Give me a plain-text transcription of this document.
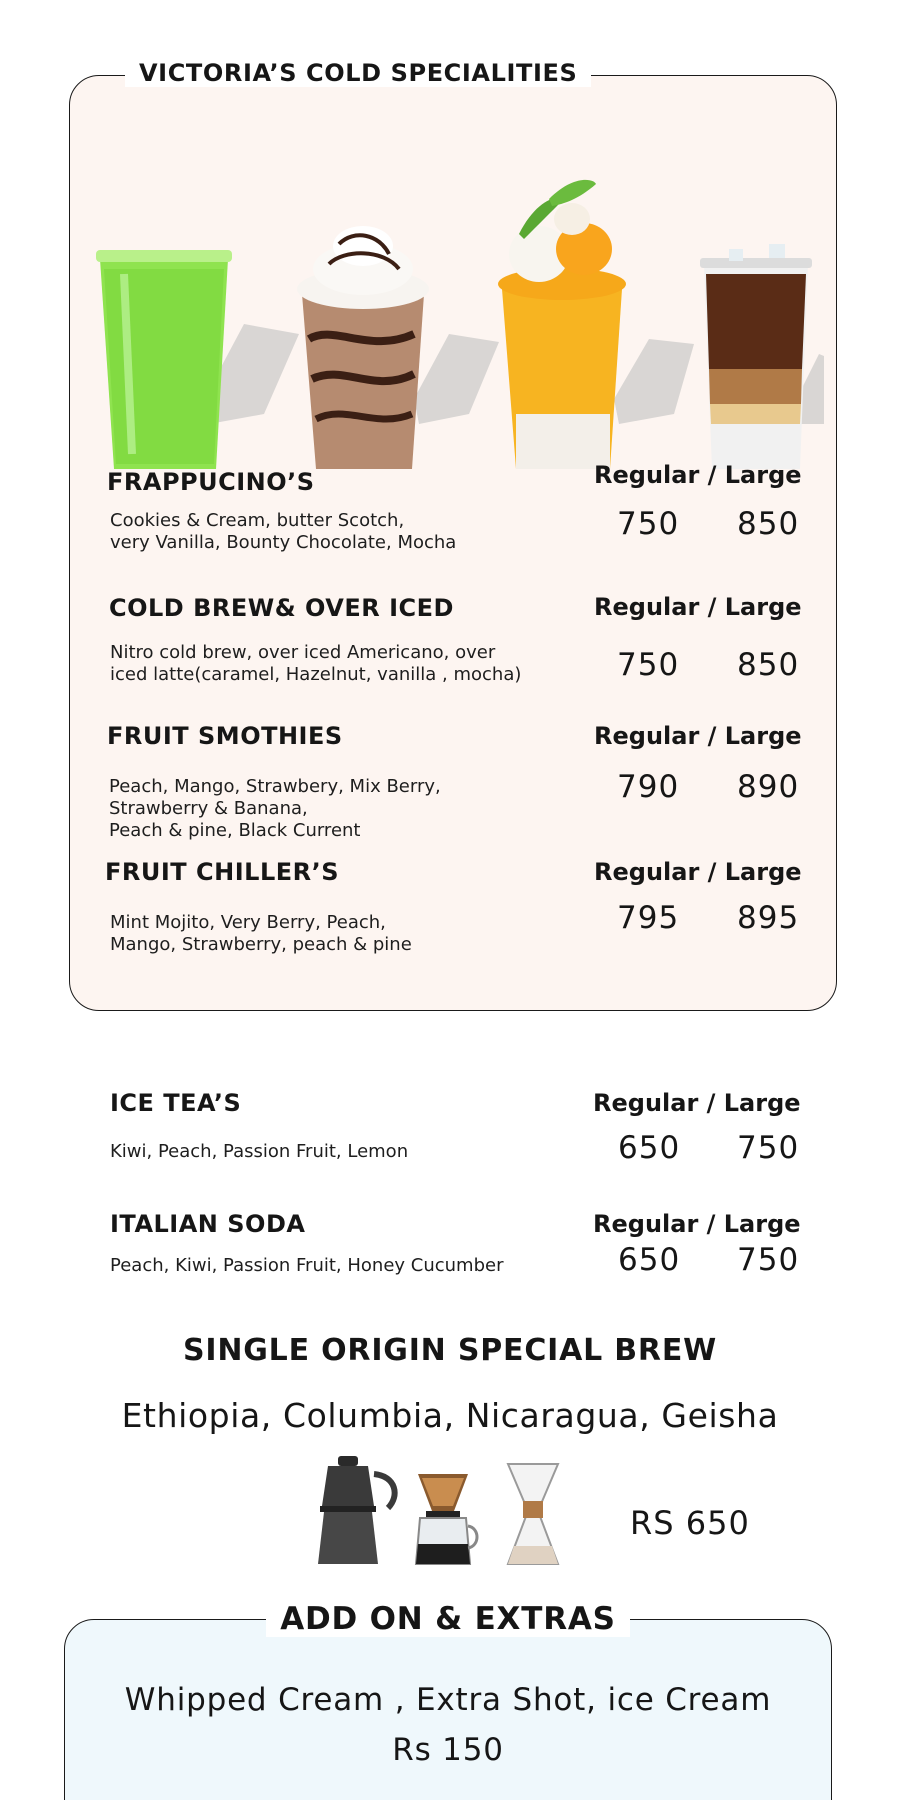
VICTORIA’S COLD SPECIALITIES
FRAPPUCINO’S
Cookies & Cream, butter Scotch,
very Vanilla, Bounty Chocolate, Mocha
Regular / Large
750 850
COLD BREW& OVER ICED
Nitro cold brew, over iced Americano, over
iced latte(caramel, Hazelnut, vanilla , mocha)
Regular / Large
750 850
FRUIT SMOTHIES
Peach, Mango, Strawbery, Mix Berry,
Strawberry & Banana,
Peach & pine, Black Current
Regular / Large
790 890
FRUIT CHILLER’S
Mint Mojito, Very Berry, Peach,
Mango, Strawberry, peach & pine
Regular / Large
795 895
ICE TEA’S
Kiwi, Peach, Passion Fruit, Lemon
Regular / Large
650 750
ITALIAN SODA
Peach, Kiwi, Passion Fruit, Honey Cucumber
Regular / Large
650 750
SINGLE ORIGIN SPECIAL BREW
Ethiopia, Columbia, Nicaragua, Geisha
RS 650
ADD ON & EXTRAS
Whipped Cream , Extra Shot, ice Cream
Rs 150
